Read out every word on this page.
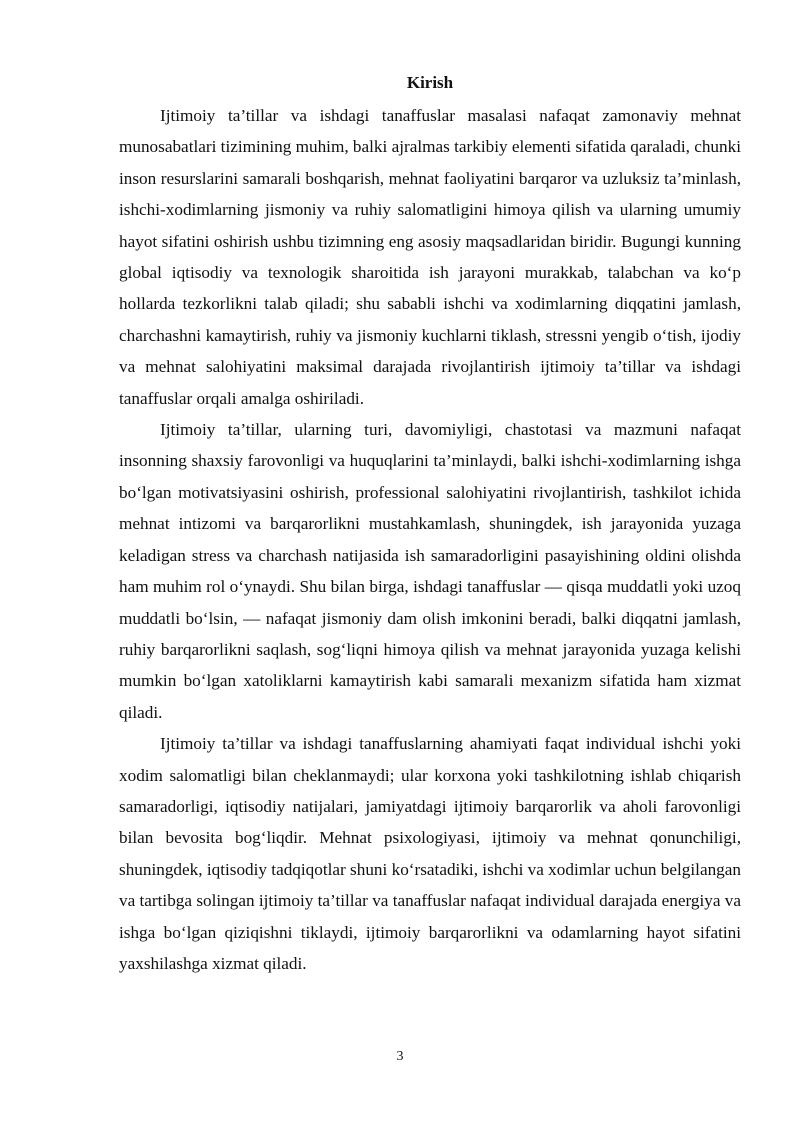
Kirish

Ijtimoiy ta’tillar va ishdagi tanaffuslar masalasi nafaqat zamonaviy mehnat munosabatlari tizimining muhim, balki ajralmas tarkibiy elementi sifatida qaraladi, chunki inson resurslarini samarali boshqarish, mehnat faoliyatini barqaror va uzluksiz ta’minlash, ishchi-xodimlarning jismoniy va ruhiy salomatligini himoya qilish va ularning umumiy hayot sifatini oshirish ushbu tizimning eng asosiy maqsadlaridan biridir. Bugungi kunning global iqtisodiy va texnologik sharoitida ish jarayoni murakkab, talabchan va ko‘p hollarda tezkorlikni talab qiladi; shu sababli ishchi va xodimlarning diqqatini jamlash, charchashni kamaytirish, ruhiy va jismoniy kuchlarni tiklash, stressni yengib o‘tish, ijodiy va mehnat salohiyatini maksimal darajada rivojlantirish ijtimoiy ta’tillar va ishdagi tanaffuslar orqali amalga oshiriladi.

Ijtimoiy ta’tillar, ularning turi, davomiyligi, chastotasi va mazmuni nafaqat insonning shaxsiy farovonligi va huquqlarini ta’minlaydi, balki ishchi-xodimlarning ishga bo‘lgan motivatsiyasini oshirish, professional salohiyatini rivojlantirish, tashkilot ichida mehnat intizomi va barqarorlikni mustahkamlash, shuningdek, ish jarayonida yuzaga keladigan stress va charchash natijasida ish samaradorligini pasayishining oldini olishda ham muhim rol o‘ynaydi. Shu bilan birga, ishdagi tanaffuslar — qisqa muddatli yoki uzoq muddatli bo‘lsin, — nafaqat jismoniy dam olish imkonini beradi, balki diqqatni jamlash, ruhiy barqarorlikni saqlash, sog‘liqni himoya qilish va mehnat jarayonida yuzaga kelishi mumkin bo‘lgan xatoliklarni kamaytirish kabi samarali mexanizm sifatida ham xizmat qiladi.

Ijtimoiy ta’tillar va ishdagi tanaffuslarning ahamiyati faqat individual ishchi yoki xodim salomatligi bilan cheklanmaydi; ular korxona yoki tashkilotning ishlab chiqarish samaradorligi, iqtisodiy natijalari, jamiyatdagi ijtimoiy barqarorlik va aholi farovonligi bilan bevosita bog‘liqdir. Mehnat psixologiyasi, ijtimoiy va mehnat qonunchiligi, shuningdek, iqtisodiy tadqiqotlar shuni ko‘rsatadiki, ishchi va xodimlar uchun belgilangan va tartibga solingan ijtimoiy ta’tillar va tanaffuslar nafaqat individual darajada energiya va ishga bo‘lgan qiziqishni tiklaydi, ijtimoiy barqarorlikni va odamlarning hayot sifatini yaxshilashga xizmat qiladi.

3
